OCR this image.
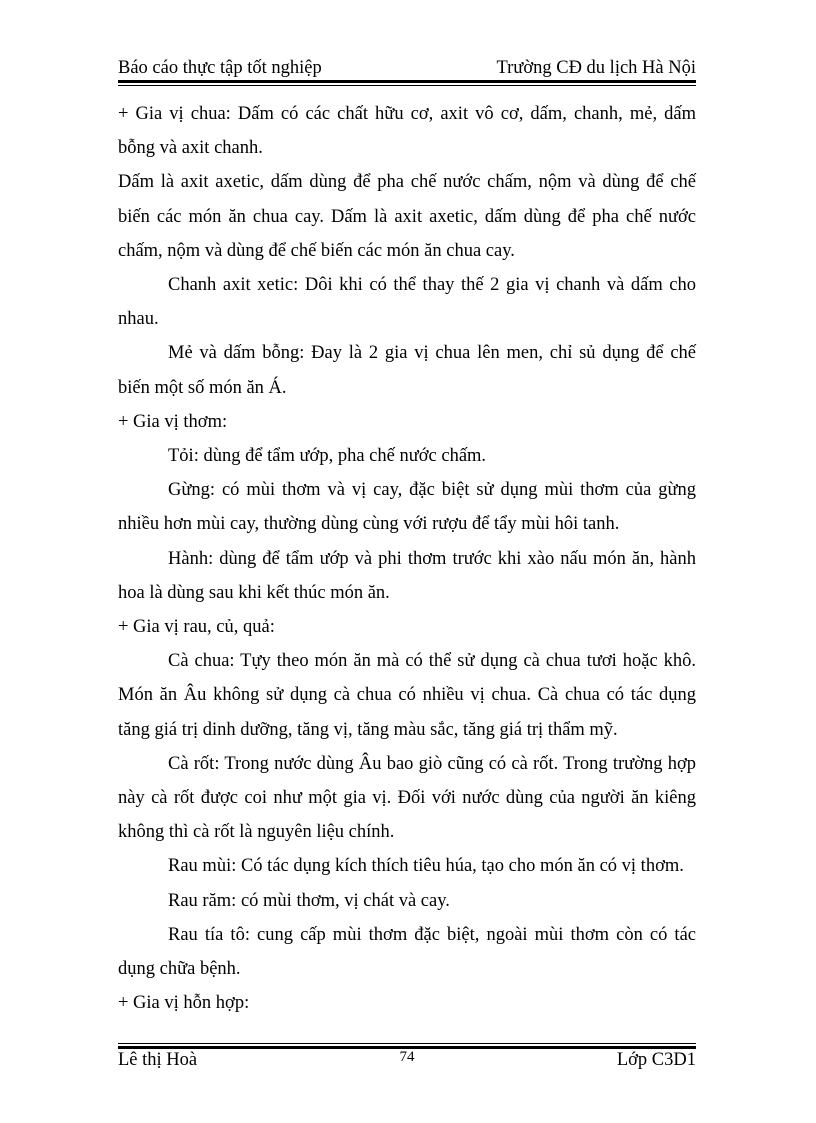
Báo cáo thực tập tốt nghiệp	Trường CĐ du lịch Hà Nội

+ Gia vị chua: Dấm có các chất hữu cơ, axit vô cơ, dấm, chanh, mẻ, dấm bỗng và axit chanh.

Dấm là axit axetic, dấm dùng để pha chế nước chấm, nộm và dùng để chế biến các món ăn chua cay. Dấm là axit axetic, dấm dùng để pha chế nước chấm, nộm và dùng để chế biến các món ăn chua cay.

Chanh axit xetic: Dôi khi có thể thay thế 2 gia vị chanh và dấm cho nhau.

Mẻ và dấm bỗng: Đay là 2 gia vị chua lên men, chỉ sủ dụng để chế biến một số món ăn Á.

+ Gia vị thơm:

Tỏi: dùng để tẩm ướp, pha chế nước chấm.

Gừng: có mùi thơm và vị cay, đặc biệt sử dụng mùi thơm của gừng nhiều hơn mùi cay, thường dùng cùng với rượu để tẩy mùi hôi tanh.

Hành: dùng để tẩm ướp và phi thơm trước khi xào nấu món ăn, hành hoa là dùng sau khi kết thúc món ăn.

+ Gia vị rau, củ, quả:

Cà chua: Tựy theo món ăn mà có thể sử dụng cà chua tươi hoặc khô. Món ăn Âu không sử dụng cà chua có nhiều vị chua. Cà chua có tác dụng tăng giá trị dinh dưỡng, tăng vị, tăng màu sắc, tăng giá trị thẩm mỹ.

Cà rốt: Trong nước dùng Âu bao giò cũng có cà rốt. Trong trường hợp này cà rốt được coi như một gia vị. Đối với nước dùng của người ăn kiêng không thì cà rốt là nguyên liệu chính.

Rau mùi: Có tác dụng kích thích tiêu húa, tạo cho món ăn có vị thơm.

Rau răm: có mùi thơm, vị chát và cay.

Rau tía tô: cung cấp mùi thơm đặc biệt, ngoài mùi thơm còn có tác dụng chữa bệnh.

+ Gia vị hỗn hợp:

Lê thị Hoà	74	Lớp C3D1
